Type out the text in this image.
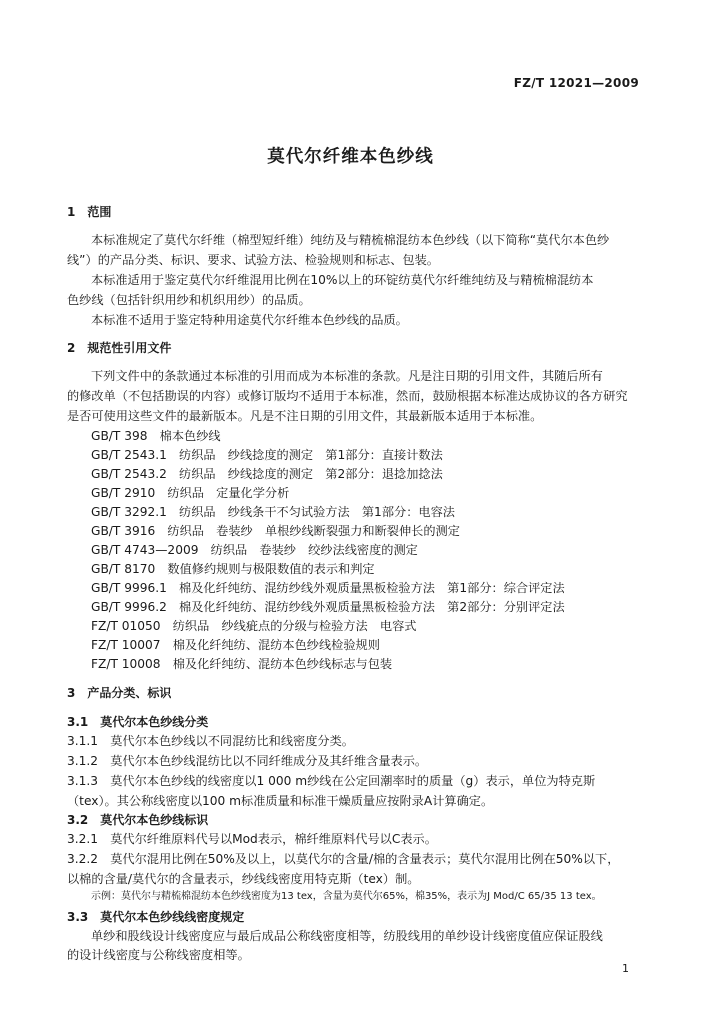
FZ/T 12021—2009
莫代尔纤维本色纱线
1　范围
本标准规定了莫代尔纤维（棉型短纤维）纯纺及与精梳棉混纺本色纱线（以下简称“莫代尔本色纱
线”）的产品分类、标识、要求、试验方法、检验规则和标志、包装。
本标准适用于鉴定莫代尔纤维混用比例在10%以上的环锭纺莫代尔纤维纯纺及与精梳棉混纺本
色纱线（包括针织用纱和机织用纱）的品质。
本标准不适用于鉴定特种用途莫代尔纤维本色纱线的品质。
2　规范性引用文件
下列文件中的条款通过本标准的引用而成为本标准的条款。凡是注日期的引用文件，其随后所有
的修改单（不包括勘误的内容）或修订版均不适用于本标准，然而，鼓励根据本标准达成协议的各方研究
是否可使用这些文件的最新版本。凡是不注日期的引用文件，其最新版本适用于本标准。
GB/T 398　棉本色纱线
GB/T 2543.1　纺织品　纱线捻度的测定　第1部分：直接计数法
GB/T 2543.2　纺织品　纱线捻度的测定　第2部分：退捻加捻法
GB/T 2910　纺织品　定量化学分析
GB/T 3292.1　纺织品　纱线条干不匀试验方法　第1部分：电容法
GB/T 3916　纺织品　卷装纱　单根纱线断裂强力和断裂伸长的测定
GB/T 4743—2009　纺织品　卷装纱　绞纱法线密度的测定
GB/T 8170　数值修约规则与极限数值的表示和判定
GB/T 9996.1　棉及化纤纯纺、混纺纱线外观质量黑板检验方法　第1部分：综合评定法
GB/T 9996.2　棉及化纤纯纺、混纺纱线外观质量黑板检验方法　第2部分：分别评定法
FZ/T 01050　纺织品　纱线疵点的分级与检验方法　电容式
FZ/T 10007　棉及化纤纯纺、混纺本色纱线检验规则
FZ/T 10008　棉及化纤纯纺、混纺本色纱线标志与包装
3　产品分类、标识
3.1　莫代尔本色纱线分类
3.1.1　莫代尔本色纱线以不同混纺比和线密度分类。
3.1.2　莫代尔本色纱线混纺比以不同纤维成分及其纤维含量表示。
3.1.3　莫代尔本色纱线的线密度以1 000 m纱线在公定回潮率时的质量（g）表示，单位为特克斯
（tex）。其公称线密度以100 m标准质量和标准干燥质量应按附录A计算确定。
3.2　莫代尔本色纱线标识
3.2.1　莫代尔纤维原料代号以Mod表示，棉纤维原料代号以C表示。
3.2.2　莫代尔混用比例在50%及以上，以莫代尔的含量/棉的含量表示；莫代尔混用比例在50%以下，
以棉的含量/莫代尔的含量表示，纱线线密度用特克斯（tex）制。
示例：莫代尔与精梳棉混纺本色纱线密度为13 tex，含量为莫代尔65%，棉35%，表示为J Mod/C 65/35 13 tex。
3.3　莫代尔本色纱线线密度规定
单纱和股线设计线密度应与最后成品公称线密度相等，纺股线用的单纱设计线密度值应保证股线
的设计线密度与公称线密度相等。
1
